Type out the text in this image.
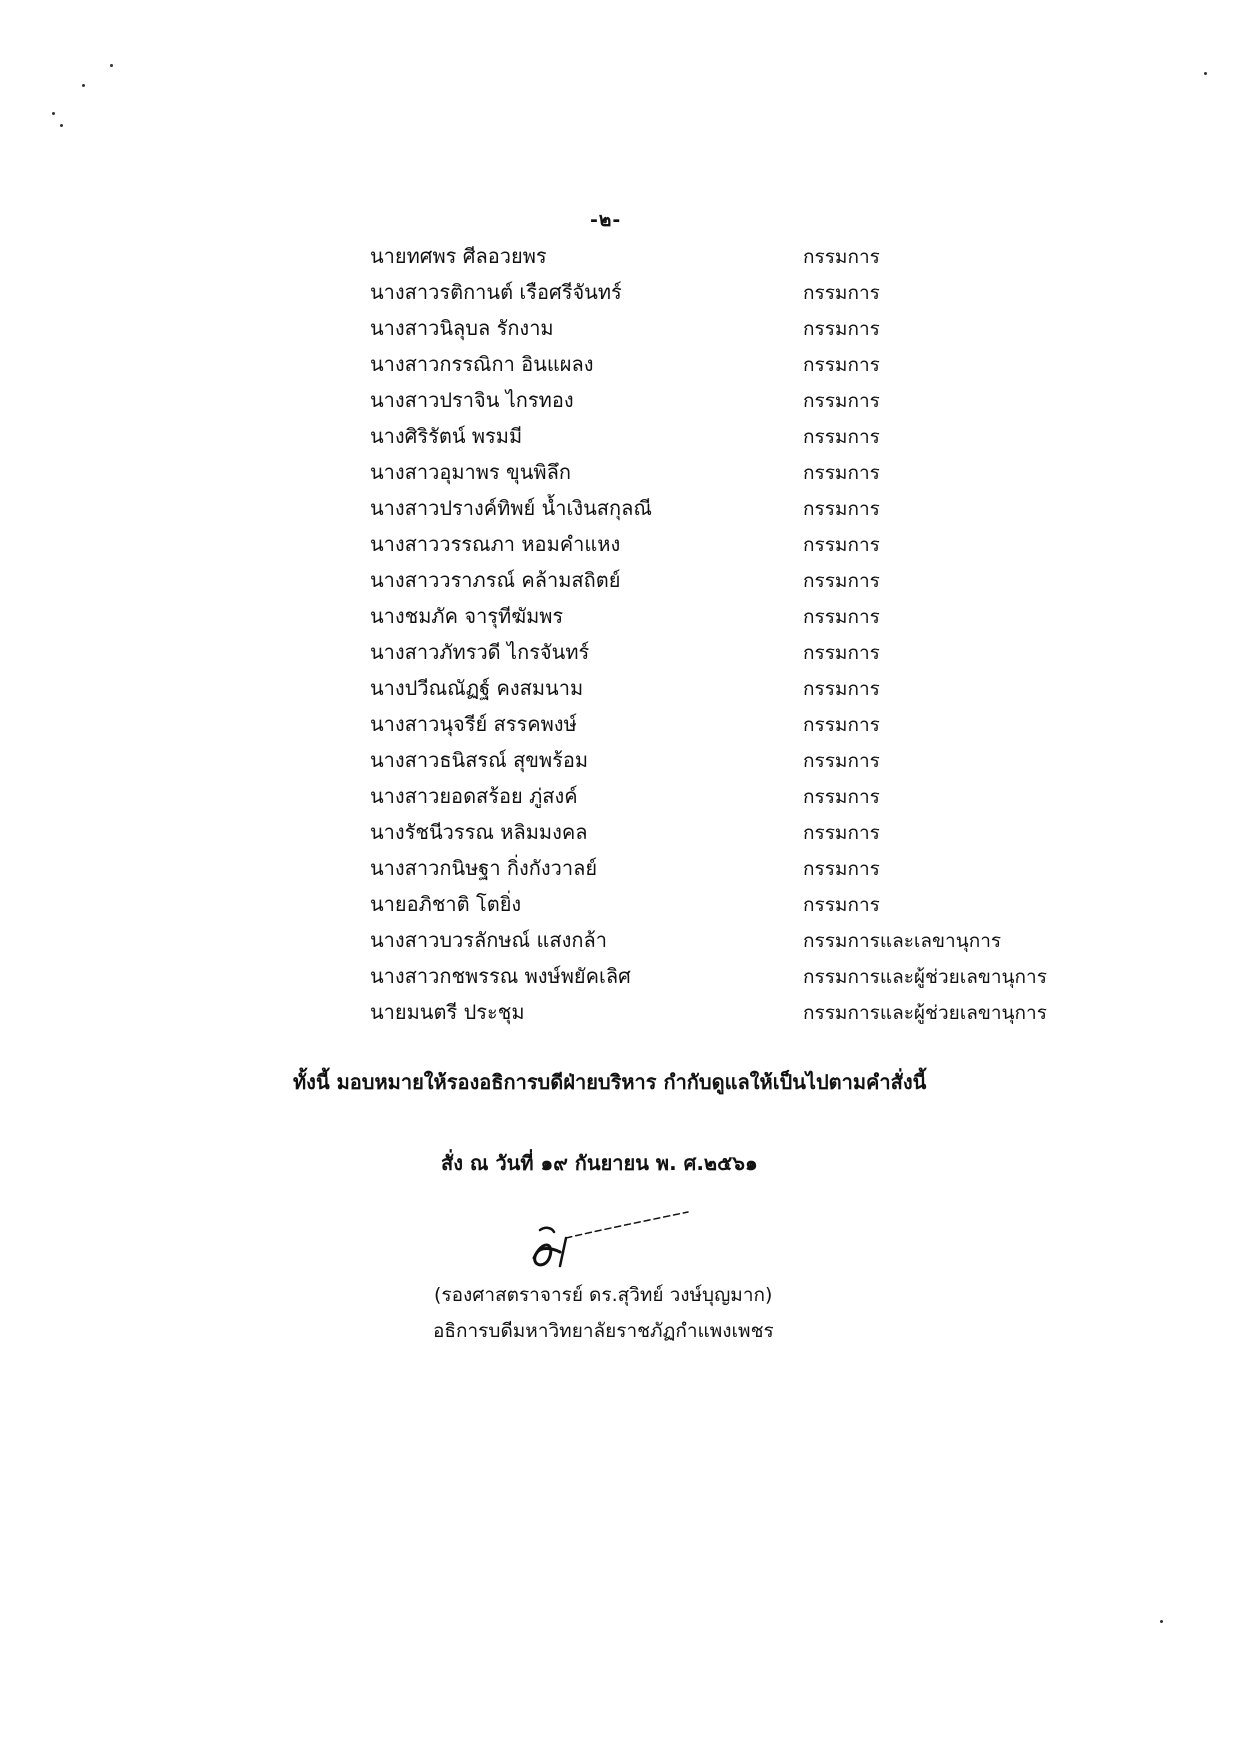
-๒-
นายทศพร ศีลอวยพร	กรรมการ
นางสาวรติกานต์ เรือศรีจันทร์	กรรมการ
นางสาวนิลุบล รักงาม	กรรมการ
นางสาวกรรณิกา อินแผลง	กรรมการ
นางสาวปราจิน ไกรทอง	กรรมการ
นางศิริรัตน์ พรมมี	กรรมการ
นางสาวอุมาพร ขุนพิลึก	กรรมการ
นางสาวปรางค์ทิพย์ น้ำเงินสกุลณี	กรรมการ
นางสาววรรณภา หอมคำแหง	กรรมการ
นางสาววราภรณ์ คล้ามสถิตย์	กรรมการ
นางชมภัค จารุทีฆัมพร	กรรมการ
นางสาวภัทรวดี ไกรจันทร์	กรรมการ
นางปวีณณัฏฐ์ คงสมนาม	กรรมการ
นางสาวนุจรีย์ สรรคพงษ์	กรรมการ
นางสาวธนิสรณ์ สุขพร้อม	กรรมการ
นางสาวยอดสร้อย ภู่สงค์	กรรมการ
นางรัชนีวรรณ หลิมมงคล	กรรมการ
นางสาวกนิษฐา กิ่งกังวาลย์	กรรมการ
นายอภิชาติ โตยิ่ง	กรรมการ
นางสาวบวรลักษณ์ แสงกล้า	กรรมการและเลขานุการ
นางสาวกชพรรณ พงษ์พยัคเลิศ	กรรมการและผู้ช่วยเลขานุการ
นายมนตรี ประชุม	กรรมการและผู้ช่วยเลขานุการ
ทั้งนี้ มอบหมายให้รองอธิการบดีฝ่ายบริหาร กำกับดูแลให้เป็นไปตามคำสั่งนี้
สั่ง ณ วันที่ ๑๙ กันยายน พ. ศ.๒๕๖๑
(รองศาสตราจารย์ ดร.สุวิทย์ วงษ์บุญมาก)
อธิการบดีมหาวิทยาลัยราชภัฏกำแพงเพชร
